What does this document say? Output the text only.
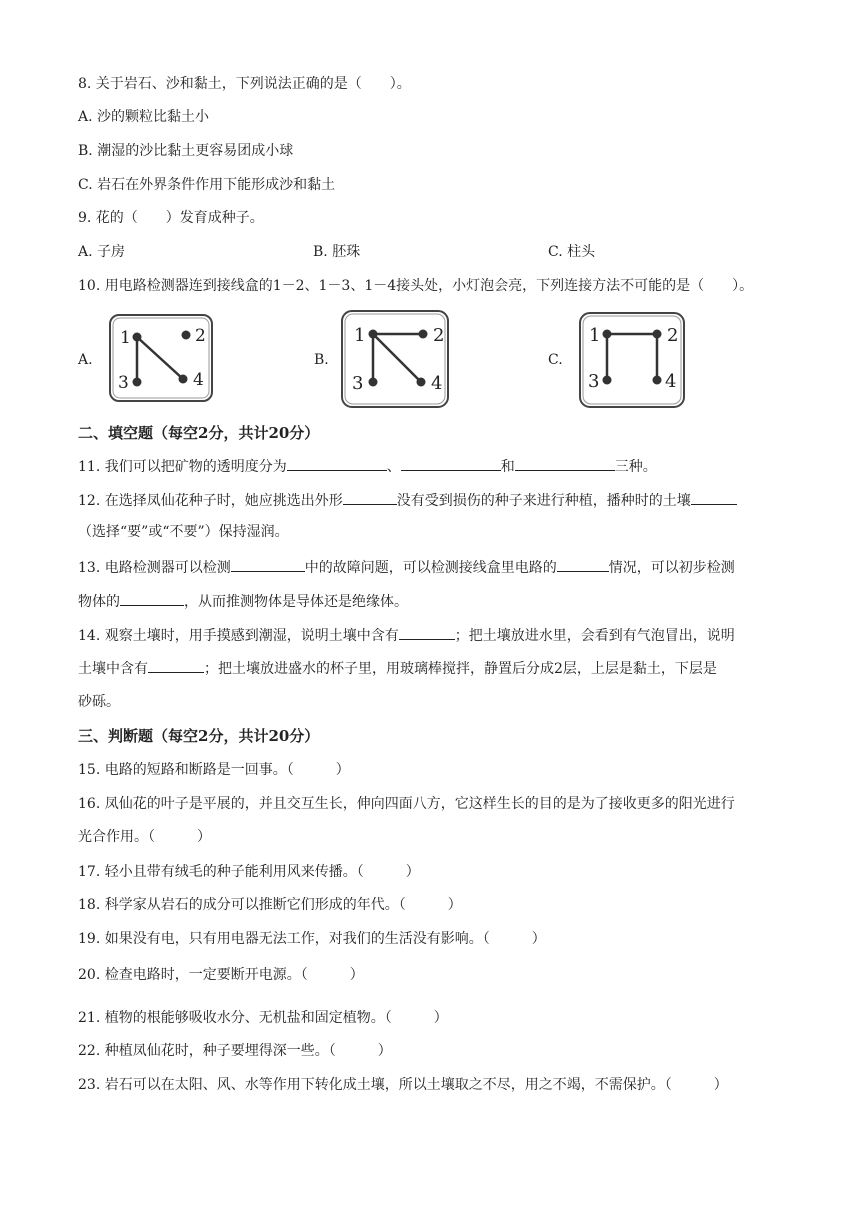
8. 关于岩石、沙和黏土，下列说法正确的是（　　）。
A. 沙的颗粒比黏土小
B. 潮湿的沙比黏土更容易团成小球
C. 岩石在外界条件作用下能形成沙和黏土
9. 花的（　　）发育成种子。
A. 子房	B. 胚珠	C. 柱头
10. 用电路检测器连到接线盒的1－2、1－3、1－4接头处，小灯泡会亮，下列连接方法不可能的是（　　）。
A.
1	2
3	4
B.
1	2
3	4
C.
1	2
3	4
二、填空题（每空2分，共计20分）
11. 我们可以把矿物的透明度分为	、	和	三种。
12. 在选择凤仙花种子时，她应挑选出外形	没有受到损伤的种子来进行种植，播种时的土壤
（选择“要”或“不要”）保持湿润。
13. 电路检测器可以检测	中的故障问题，可以检测接线盒里电路的	情况，可以初步检测
物体的	，从而推测物体是导体还是绝缘体。
14. 观察土壤时，用手摸感到潮湿，说明土壤中含有	；把土壤放进水里，会看到有气泡冒出，说明
土壤中含有	；把土壤放进盛水的杯子里，用玻璃棒搅拌，静置后分成2层，上层是黏土，下层是
砂砾。
三、判断题（每空2分，共计20分）
15. 电路的短路和断路是一回事。（　　　）
16. 凤仙花的叶子是平展的，并且交互生长，伸向四面八方，它这样生长的目的是为了接收更多的阳光进行
光合作用。（　　　）
17. 轻小且带有绒毛的种子能利用风来传播。（　　　）
18. 科学家从岩石的成分可以推断它们形成的年代。（　　　）
19. 如果没有电，只有用电器无法工作，对我们的生活没有影响。（　　　）
20. 检查电路时，一定要断开电源。（　　　）
21. 植物的根能够吸收水分、无机盐和固定植物。（　　　）
22. 种植凤仙花时，种子要埋得深一些。（　　　）
23. 岩石可以在太阳、风、水等作用下转化成土壤，所以土壤取之不尽，用之不竭，不需保护。（　　　）
